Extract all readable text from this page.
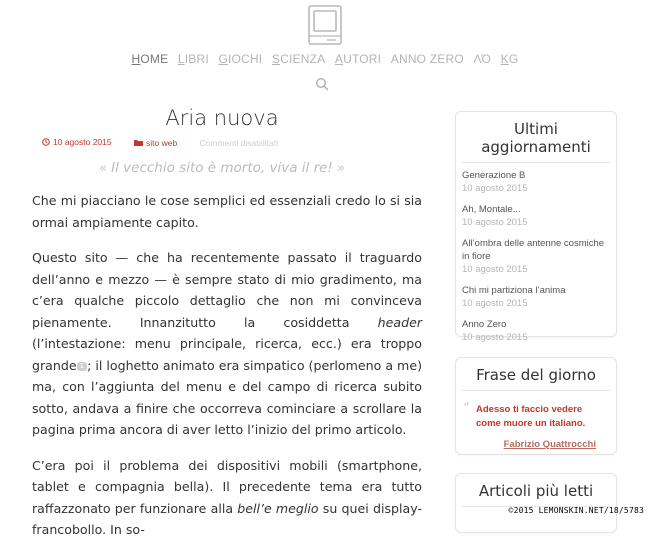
HOME LIBRI GIOCHI SCIENZA AUTORI ANNO ZERO ΛΌ KG
Aria nuova
10 agosto 2015
	sito web	Commenti disabilitati
« Il vecchio sito è morto, viva il re! »

Che mi piacciano le cose semplici ed essenziali credo lo si sia ormai ampiamente capito.

Questo sito — che ha recentemente passato il traguardo dell’anno e mezzo — è sempre stato di mio gradimento, ma c’era qualche piccolo dettaglio che non mi convinceva pienamente. Innanzitutto la cosiddetta header (l’intestazione: menu principale, ricerca, ecc.) era troppo grande 1 ; il loghetto animato era simpatico (perlomeno a me) ma, con l’aggiunta del menu e del campo di ricerca subito sotto, andava a finire che occorreva cominciare a scrollare la pagina prima ancora di aver letto l’inizio del primo articolo.

C’era poi il problema dei dispositivi mobili (smartphone, tablet e compagnia bella). Il precedente tema era tutto raffazzonato per funzionare alla bell’e meglio su quei display-francobollo. In so-

Ultimi aggiornamenti
Generazione B
10 agosto 2015
Ah, Montale...
10 agosto 2015
All’ombra delle antenne cosmiche in fiore
10 agosto 2015
Chi mi partiziona l’anima
10 agosto 2015
Anno Zero
10 agosto 2015
Frase del giorno
“ Adesso ti faccio vedere come muore un italiano.
Fabrizio Quattrocchi
Articoli più letti
©2015 LEMONSKIN.NET/18/5783
